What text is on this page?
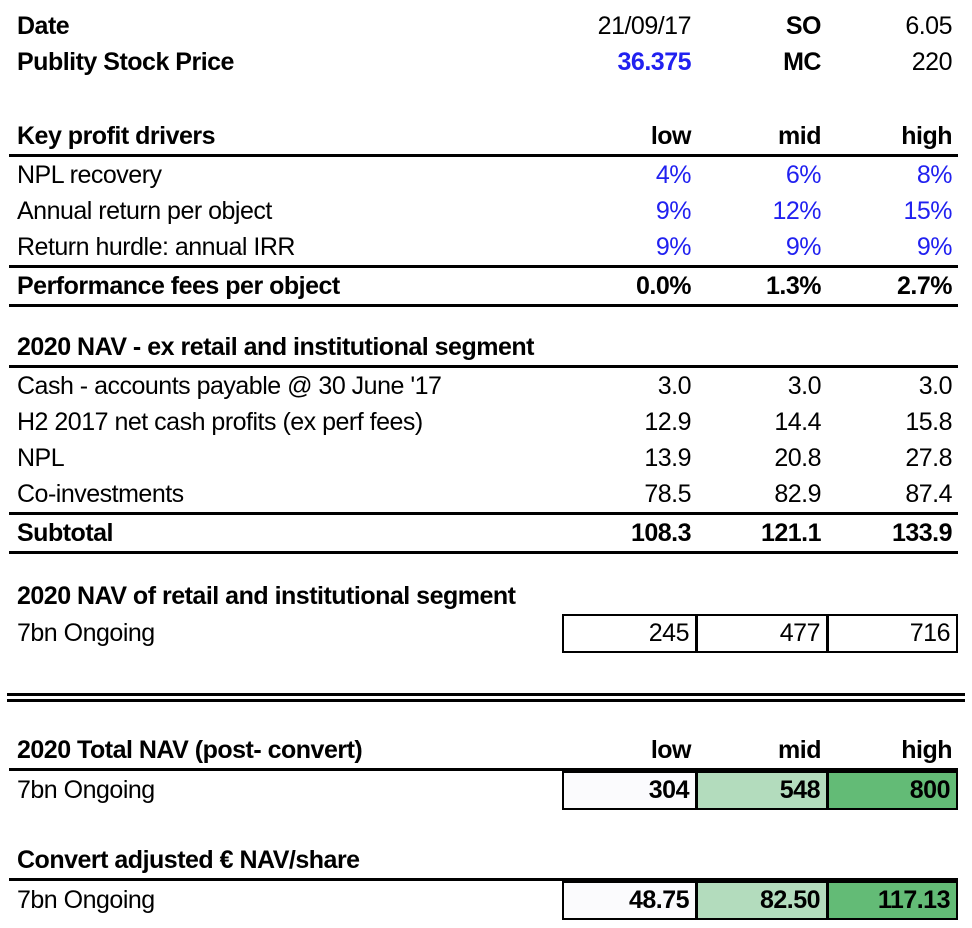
Date	21/09/17	SO	6.05
Publity Stock Price	36.375	MC	220
Key profit drivers	low	mid	high
NPL recovery	4%	6%	8%
Annual return per object	9%	12%	15%
Return hurdle: annual IRR	9%	9%	9%
Performance fees per object	0.0%	1.3%	2.7%
2020 NAV - ex retail and institutional segment
Cash - accounts payable @ 30 June '17	3.0	3.0	3.0
H2 2017 net cash profits (ex perf fees)	12.9	14.4	15.8
NPL	13.9	20.8	27.8
Co-investments	78.5	82.9	87.4
Subtotal	108.3	121.1	133.9
2020 NAV of retail and institutional segment
7bn Ongoing	245	477	716
2020 Total NAV (post- convert)	low	mid	high
7bn Ongoing	304	548	800
Convert adjusted € NAV/share
7bn Ongoing	48.75	82.50	117.13
